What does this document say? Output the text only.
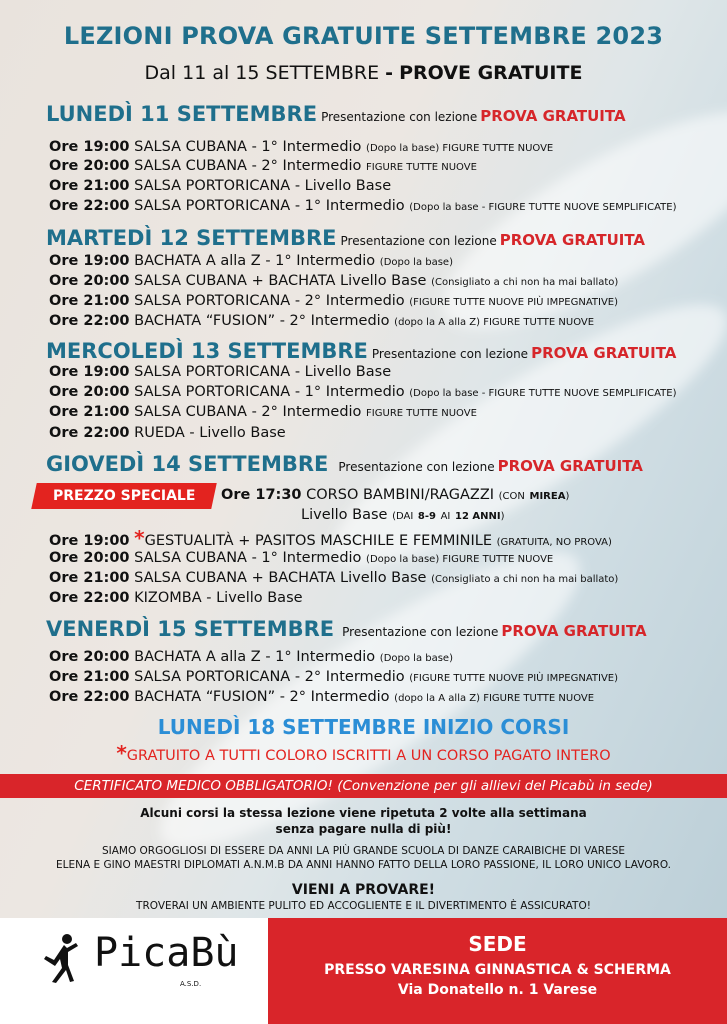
LEZIONI PROVA GRATUITE SETTEMBRE 2023
Dal 11 al 15 SETTEMBRE - PROVE GRATUITE
LUNEDÌ 11 SETTEMBRE Presentazione con lezione PROVA GRATUITA
Ore 19:00 SALSA CUBANA - 1° Intermedio (Dopo la base) FIGURE TUTTE NUOVE
Ore 20:00 SALSA CUBANA - 2° Intermedio FIGURE TUTTE NUOVE
Ore 21:00 SALSA PORTORICANA - Livello Base
Ore 22:00 SALSA PORTORICANA - 1° Intermedio (Dopo la base - FIGURE TUTTE NUOVE SEMPLIFICATE)
MARTEDÌ 12 SETTEMBRE Presentazione con lezione PROVA GRATUITA
Ore 19:00 BACHATA A alla Z - 1° Intermedio (Dopo la base)
Ore 20:00 SALSA CUBANA + BACHATA Livello Base (Consigliato a chi non ha mai ballato)
Ore 21:00 SALSA PORTORICANA - 2° Intermedio (FIGURE TUTTE NUOVE PIÙ IMPEGNATIVE)
Ore 22:00 BACHATA “FUSION” - 2° Intermedio (dopo la A alla Z) FIGURE TUTTE NUOVE
MERCOLEDÌ 13 SETTEMBRE Presentazione con lezione PROVA GRATUITA
Ore 19:00 SALSA PORTORICANA - Livello Base
Ore 20:00 SALSA PORTORICANA - 1° Intermedio (Dopo la base - FIGURE TUTTE NUOVE SEMPLIFICATE)
Ore 21:00 SALSA CUBANA - 2° Intermedio FIGURE TUTTE NUOVE
Ore 22:00 RUEDA - Livello Base
GIOVEDÌ 14 SETTEMBRE Presentazione con lezione PROVA GRATUITA
PREZZO SPECIALE	Ore 17:30 CORSO BAMBINI/RAGAZZI (CON MIREA)
Livello Base (DAI 8-9 AI 12 ANNI)
Ore 19:00 *GESTUALITÀ + PASITOS MASCHILE E FEMMINILE (GRATUITA, NO PROVA)
Ore 20:00 SALSA CUBANA - 1° Intermedio (Dopo la base) FIGURE TUTTE NUOVE
Ore 21:00 SALSA CUBANA + BACHATA Livello Base (Consigliato a chi non ha mai ballato)
Ore 22:00 KIZOMBA - Livello Base
VENERDÌ 15 SETTEMBRE Presentazione con lezione PROVA GRATUITA
Ore 20:00 BACHATA A alla Z - 1° Intermedio (Dopo la base)
Ore 21:00 SALSA PORTORICANA - 2° Intermedio (FIGURE TUTTE NUOVE PIÙ IMPEGNATIVE)
Ore 22:00 BACHATA “FUSION” - 2° Intermedio (dopo la A alla Z) FIGURE TUTTE NUOVE
LUNEDÌ 18 SETTEMBRE INIZIO CORSI
*GRATUITO A TUTTI COLORO ISCRITTI A UN CORSO PAGATO INTERO
CERTIFICATO MEDICO OBBLIGATORIO! (Convenzione per gli allievi del Picabù in sede)
Alcuni corsi la stessa lezione viene ripetuta 2 volte alla settimana
senza pagare nulla di più!
SIAMO ORGOGLIOSI DI ESSERE DA ANNI LA PIÙ GRANDE SCUOLA DI DANZE CARAIBICHE DI VARESE
ELENA E GINO MAESTRI DIPLOMATI A.N.M.B DA ANNI HANNO FATTO DELLA LORO PASSIONE, IL LORO UNICO LAVORO.
VIENI A PROVARE!
TROVERAI UN AMBIENTE PULITO ED ACCOGLIENTE E IL DIVERTIMENTO È ASSICURATO!
PicaBù
A.S.D.
SEDE
PRESSO VARESINA GINNASTICA & SCHERMA
Via Donatello n. 1 Varese
